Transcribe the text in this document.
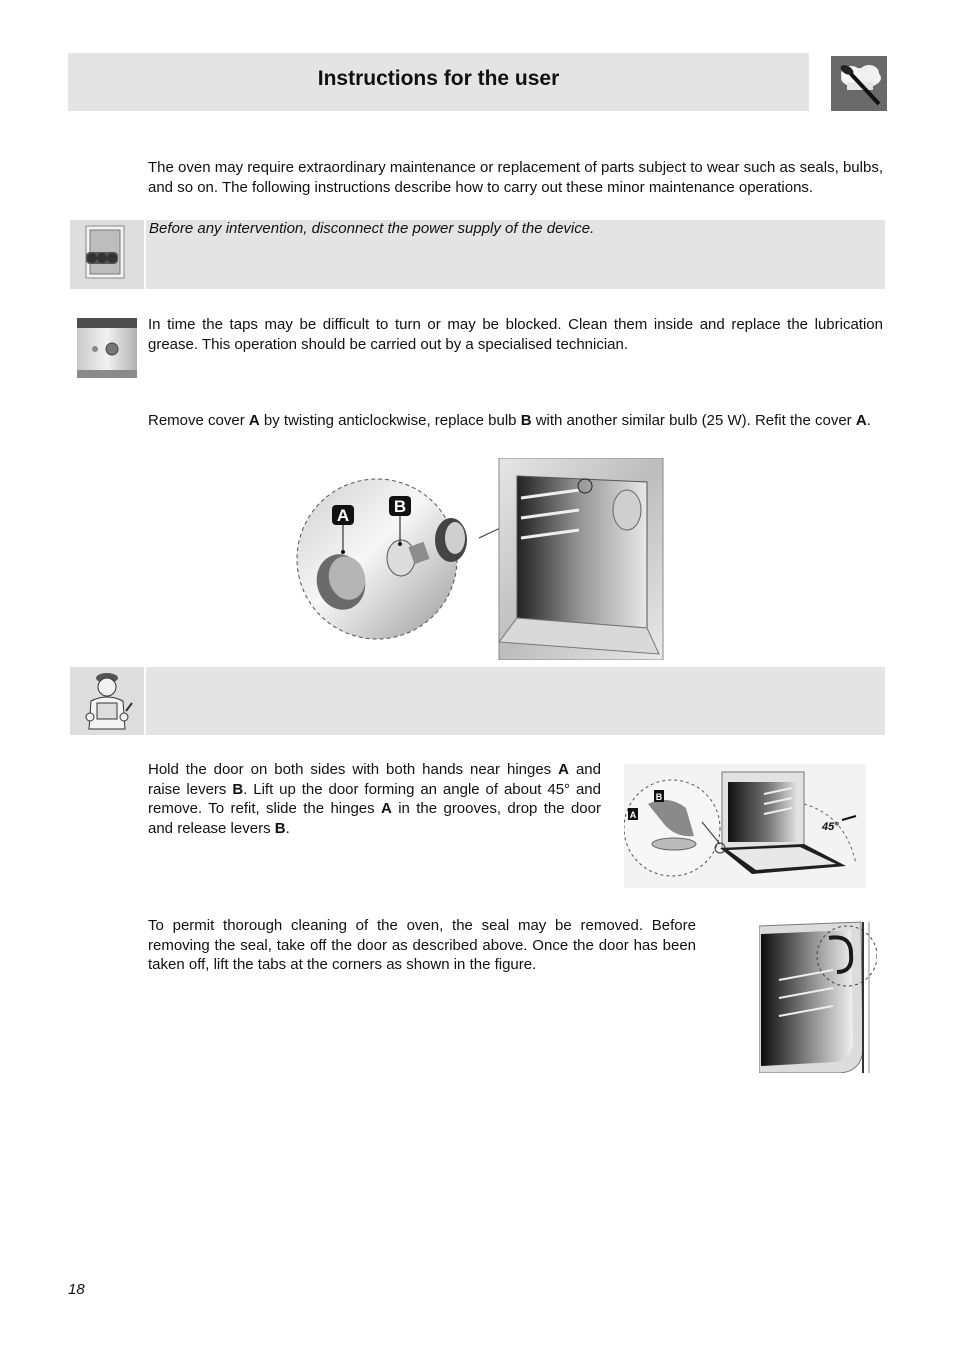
Instructions for the user

The oven may require extraordinary maintenance or replacement of parts subject to wear such as seals, bulbs, and so on. The following instructions describe how to carry out these minor maintenance operations.

Before any intervention, disconnect the power supply of the device.

In time the taps may be difficult to turn or may be blocked. Clean them inside and replace the lubrication grease. This operation should be carried out by a specialised technician.

Remove cover A by twisting anticlockwise, replace bulb B with another similar bulb (25 W). Refit the cover A.

A	B

Hold the door on both sides with both hands near hinges A and raise levers B. Lift up the door forming an angle of about 45° and remove. To refit, slide the hinges A in the grooves, drop the door and release levers B.

A
B
45°

To permit thorough cleaning of the oven, the seal may be removed. Before removing the seal, take off the door as described above. Once the door has been taken off, lift the tabs at the corners as shown in the figure.

18
